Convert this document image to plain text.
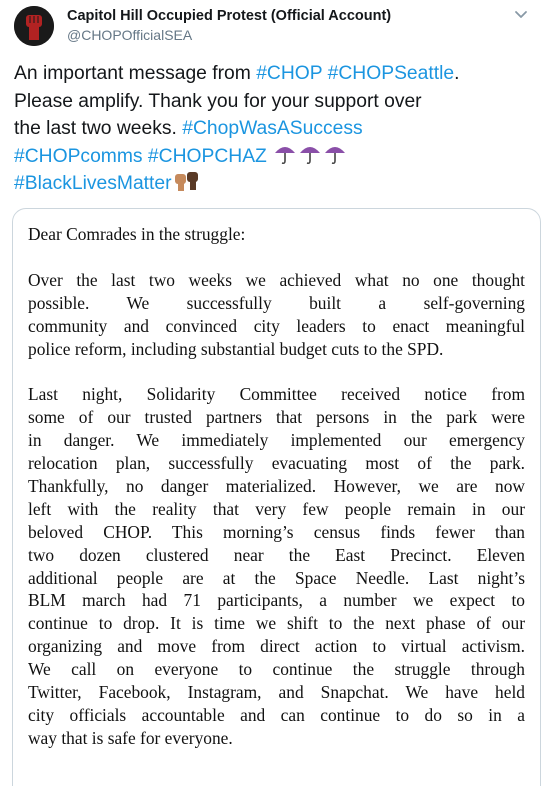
Capitol Hill Occupied Protest (Official Account)
@CHOPOfficialSEA
An important message from #CHOP #CHOPSeattle.
Please amplify. Thank you for your support over
the last two weeks. #ChopWasASuccess
#CHOPcomms #CHOPCHAZ
#BlackLivesMatter
Dear Comrades in the struggle:
Over the last two weeks we achieved what no one thought
possible. We successfully built a self-governing
community and convinced city leaders to enact meaningful
police reform, including substantial budget cuts to the SPD.
Last night, Solidarity Committee received notice from
some of our trusted partners that persons in the park were
in danger. We immediately implemented our emergency
relocation plan, successfully evacuating most of the park.
Thankfully, no danger materialized. However, we are now
left with the reality that very few people remain in our
beloved CHOP. This morning’s census finds fewer than
two dozen clustered near the East Precinct. Eleven
additional people are at the Space Needle. Last night’s
BLM march had 71 participants, a number we expect to
continue to drop. It is time we shift to the next phase of our
organizing and move from direct action to virtual activism.
We call on everyone to continue the struggle through
Twitter, Facebook, Instagram, and Snapchat. We have held
city officials accountable and can continue to do so in a
way that is safe for everyone.
